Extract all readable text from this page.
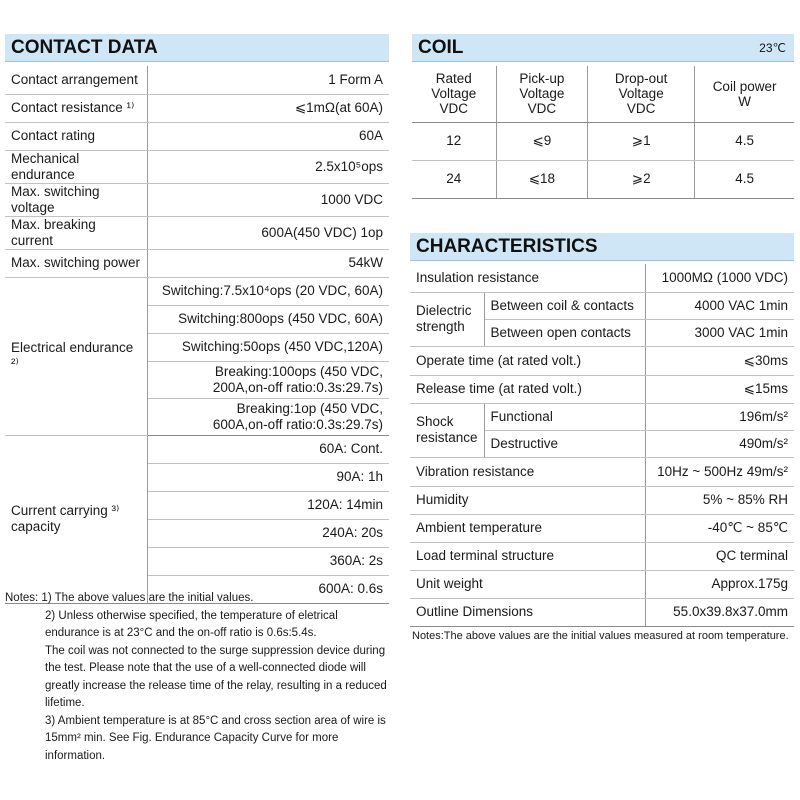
CONTACT DATA
Contact arrangement	1 Form A
Contact resistance ¹⁾	⩽1mΩ(at 60A)
Contact rating	60A
Mechanical endurance	2.5x10⁵ops
Max. switching voltage	1000 VDC
Max. breaking current	600A(450 VDC) 1op
Max. switching power	54kW
Electrical endurance ²⁾	Switching:7.5x10⁴ops (20 VDC, 60A)
	Switching:800ops (450 VDC, 60A)
	Switching:50ops (450 VDC,120A)
	Breaking:100ops (450 VDC,
200A,on-off ratio:0.3s:29.7s)
	Breaking:1op (450 VDC,
600A,on-off ratio:0.3s:29.7s)
Current carrying ³⁾
capacity	60A: Cont.
	90A: 1h
	120A: 14min
	240A: 20s
	360A: 2s
	600A: 0.6s

Notes: 1) The above values are the initial values.

2) Unless otherwise specified, the temperature of eletrical endurance is at 23°C and the on-off ratio is 0.6s:5.4s.

The coil was not connected to the surge suppression device during the test. Please note that the use of a well-connected diode will greatly increase the release time of the relay, resulting in a reduced lifetime.

3) Ambient temperature is at 85°C and cross section area of wire is 15mm² min. See Fig. Endurance Capacity Curve for more information.

COIL	23℃
Rated
Voltage
VDC	Pick-up
Voltage
VDC	Drop-out
Voltage
VDC	Coil power
W
12	⩽9	⩾1	4.5
24	⩽18	⩾2	4.5
CHARACTERISTICS
Insulation resistance		1000MΩ (1000 VDC)
Dielectric
strength	Between coil & contacts	4000 VAC 1min
	Between open contacts	3000 VAC 1min
Operate time (at rated volt.)		⩽30ms
Release time (at rated volt.)		⩽15ms
Shock
resistance	Functional	196m/s²
	Destructive	490m/s²
Vibration resistance		10Hz ~ 500Hz 49m/s²
Humidity		5% ~ 85% RH
Ambient temperature		-40℃ ~ 85℃
Load terminal structure		QC terminal
Unit weight		Approx.175g
Outline Dimensions		55.0x39.8x37.0mm
Notes:The above values are the initial values measured at room temperature.
